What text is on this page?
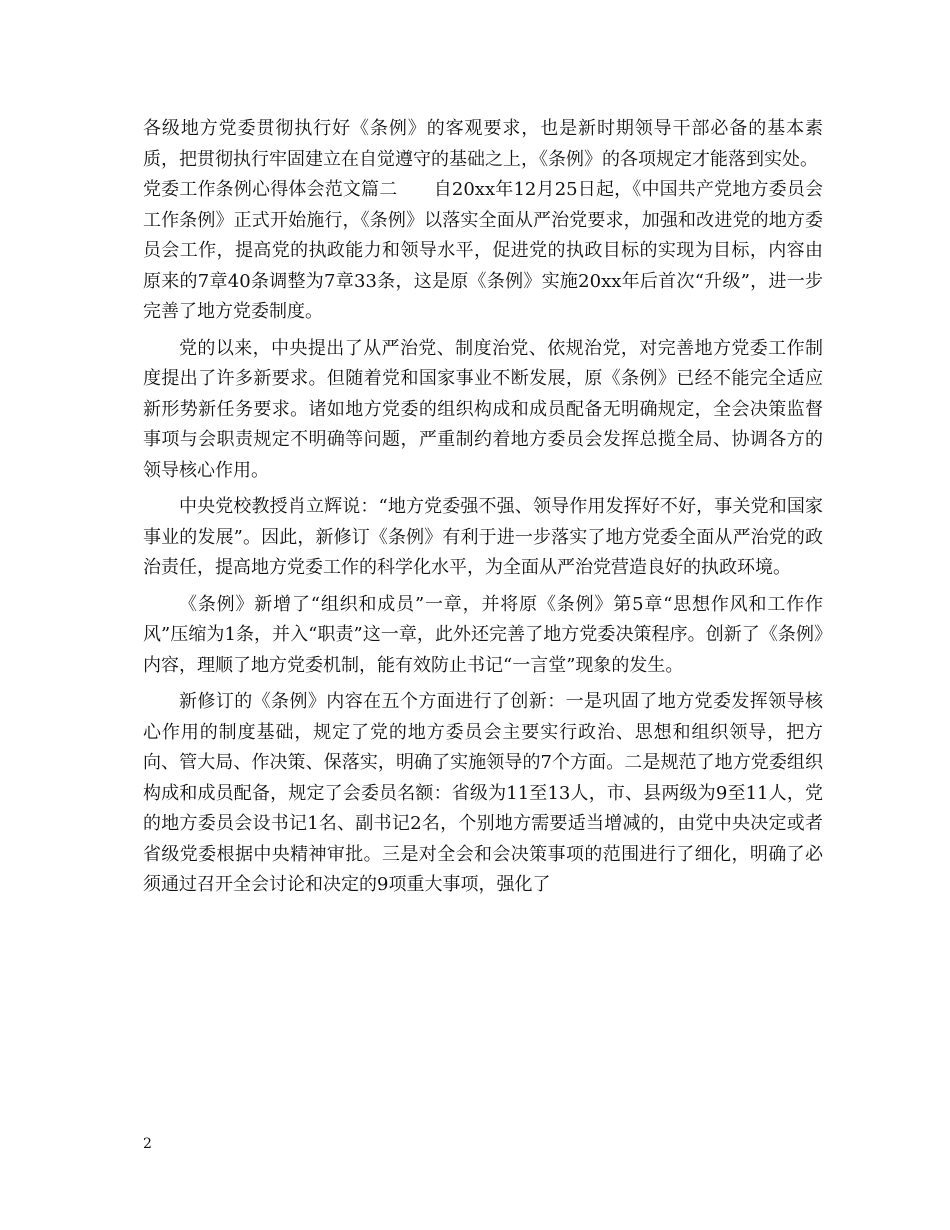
各级地方党委贯彻执行好《条例》的客观要求，也是新时期领导干部必备的基本素质，把贯彻执行牢固建立在自觉遵守的基础之上，《条例》的各项规定才能落到实处。

党委工作条例心得体会范文篇二　　自20xx年12月25日起，《中国共产党地方委员会工作条例》正式开始施行，《条例》以落实全面从严治党要求，加强和改进党的地方委员会工作，提高党的执政能力和领导水平，促进党的执政目标的实现为目标，内容由原来的7章40条调整为7章33条，这是原《条例》实施20xx年后首次“升级”，进一步完善了地方党委制度。

党的以来，中央提出了从严治党、制度治党、依规治党，对完善地方党委工作制度提出了许多新要求。但随着党和国家事业不断发展，原《条例》已经不能完全适应新形势新任务要求。诸如地方党委的组织构成和成员配备无明确规定，全会决策监督事项与会职责规定不明确等问题，严重制约着地方委员会发挥总揽全局、协调各方的领导核心作用。

中央党校教授肖立辉说：“地方党委强不强、领导作用发挥好不好，事关党和国家事业的发展”。因此，新修订《条例》有利于进一步落实了地方党委全面从严治党的政治责任，提高地方党委工作的科学化水平，为全面从严治党营造良好的执政环境。

《条例》新增了“组织和成员”一章，并将原《条例》第5章“思想作风和工作作风”压缩为1条，并入“职责”这一章，此外还完善了地方党委决策程序。创新了《条例》内容，理顺了地方党委机制，能有效防止书记“一言堂”现象的发生。

新修订的《条例》内容在五个方面进行了创新：一是巩固了地方党委发挥领导核心作用的制度基础，规定了党的地方委员会主要实行政治、思想和组织领导，把方向、管大局、作决策、保落实，明确了实施领导的7个方面。二是规范了地方党委组织构成和成员配备，规定了会委员名额：省级为11至13人，市、县两级为9至11人，党的地方委员会设书记1名、副书记2名，个别地方需要适当增减的，由党中央决定或者省级党委根据中央精神审批。三是对全会和会决策事项的范围进行了细化，明确了必须通过召开全会讨论和决定的9项重大事项，强化了

2
